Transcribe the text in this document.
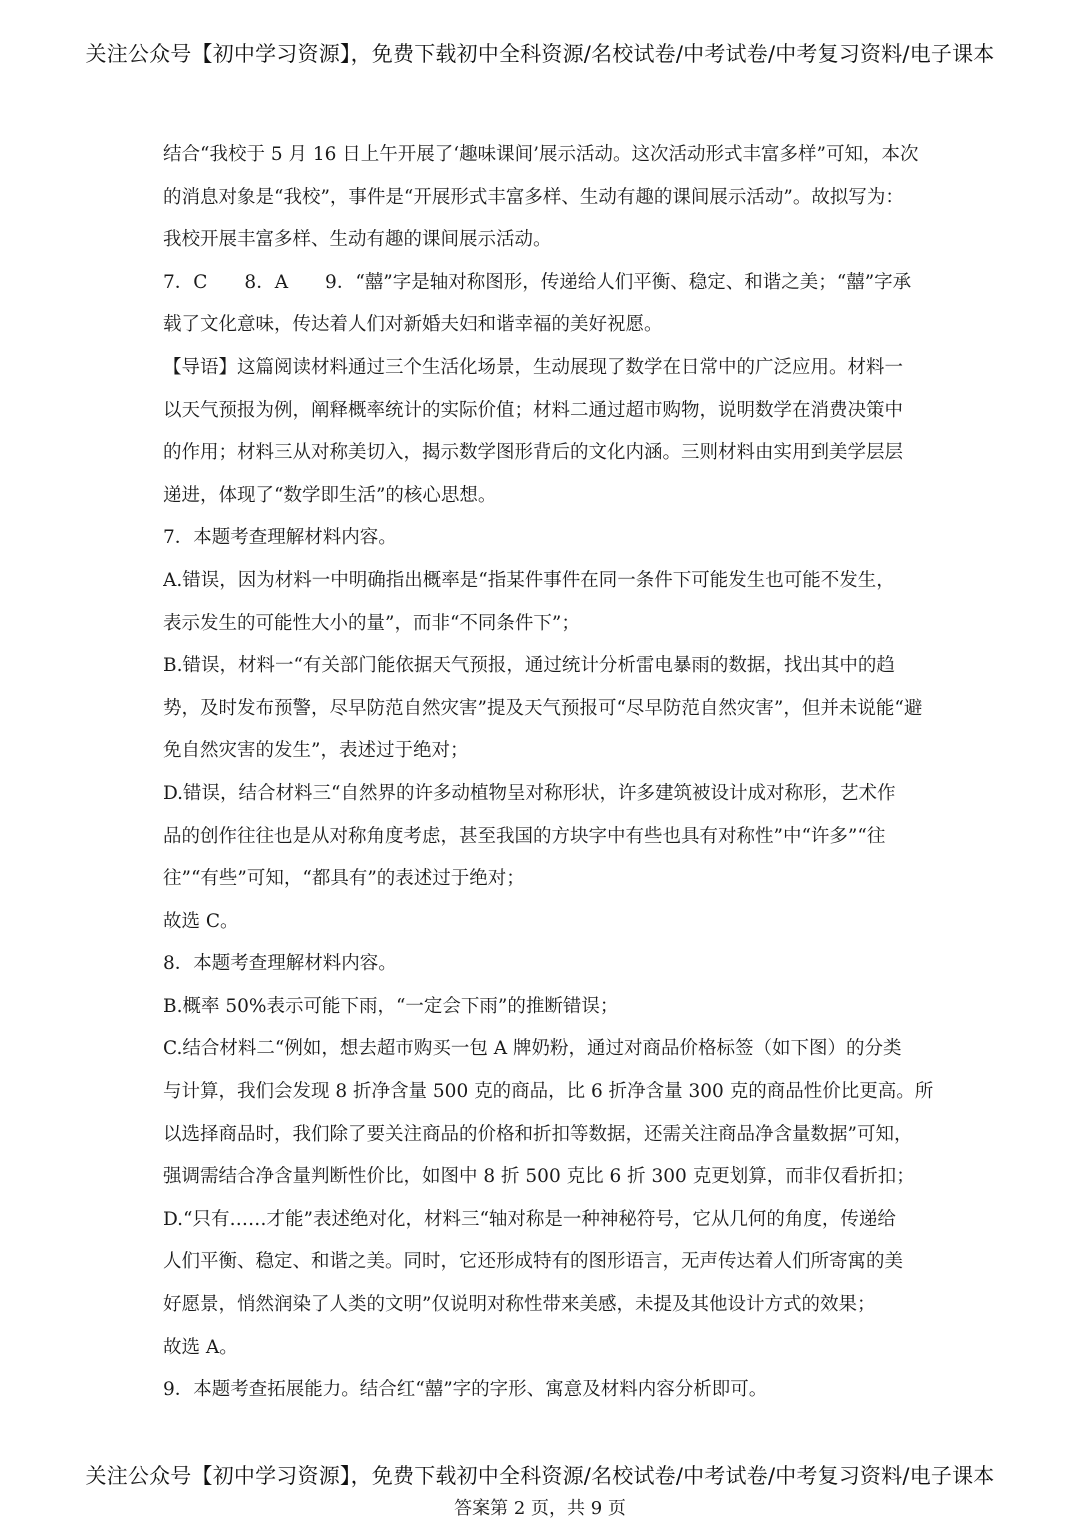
关注公众号【初中学习资源】，免费下载初中全科资源/名校试卷/中考试卷/中考复习资料/电子课本
结合“我校于 5 月 16 日上午开展了‘趣味课间’展示活动。这次活动形式丰富多样”可知，本次
的消息对象是“我校”，事件是“开展形式丰富多样、生动有趣的课间展示活动”。故拟写为：
我校开展丰富多样、生动有趣的课间展示活动。
7．C　　8．A　　9．“囍”字是轴对称图形，传递给人们平衡、稳定、和谐之美；“囍”字承
载了文化意味，传达着人们对新婚夫妇和谐幸福的美好祝愿。
【导语】这篇阅读材料通过三个生活化场景，生动展现了数学在日常中的广泛应用。材料一
以天气预报为例，阐释概率统计的实际价值；材料二通过超市购物，说明数学在消费决策中
的作用；材料三从对称美切入，揭示数学图形背后的文化内涵。三则材料由实用到美学层层
递进，体现了“数学即生活”的核心思想。
7．本题考查理解材料内容。
A.错误，因为材料一中明确指出概率是“指某件事件在同一条件下可能发生也可能不发生，
表示发生的可能性大小的量”，而非“不同条件下”；
B.错误，材料一“有关部门能依据天气预报，通过统计分析雷电暴雨的数据，找出其中的趋
势，及时发布预警，尽早防范自然灾害”提及天气预报可“尽早防范自然灾害”，但并未说能“避
免自然灾害的发生”，表述过于绝对；
D.错误，结合材料三“自然界的许多动植物呈对称形状，许多建筑被设计成对称形，艺术作
品的创作往往也是从对称角度考虑，甚至我国的方块字中有些也具有对称性”中“许多”“往
往”“有些”可知，“都具有”的表述过于绝对；
故选 C。
8．本题考查理解材料内容。
B.概率 50%表示可能下雨，“一定会下雨”的推断错误；
C.结合材料二“例如，想去超市购买一包 A 牌奶粉，通过对商品价格标签（如下图）的分类
与计算，我们会发现 8 折净含量 500 克的商品，比 6 折净含量 300 克的商品性价比更高。所
以选择商品时，我们除了要关注商品的价格和折扣等数据，还需关注商品净含量数据”可知，
强调需结合净含量判断性价比，如图中 8 折 500 克比 6 折 300 克更划算，而非仅看折扣；
D.“只有……才能”表述绝对化，材料三“轴对称是一种神秘符号，它从几何的角度，传递给
人们平衡、稳定、和谐之美。同时，它还形成特有的图形语言，无声传达着人们所寄寓的美
好愿景，悄然润染了人类的文明”仅说明对称性带来美感，未提及其他设计方式的效果；
故选 A。
9．本题考查拓展能力。结合红“囍”字的字形、寓意及材料内容分析即可。
关注公众号【初中学习资源】，免费下载初中全科资源/名校试卷/中考试卷/中考复习资料/电子课本
答案第 2 页，共 9 页
